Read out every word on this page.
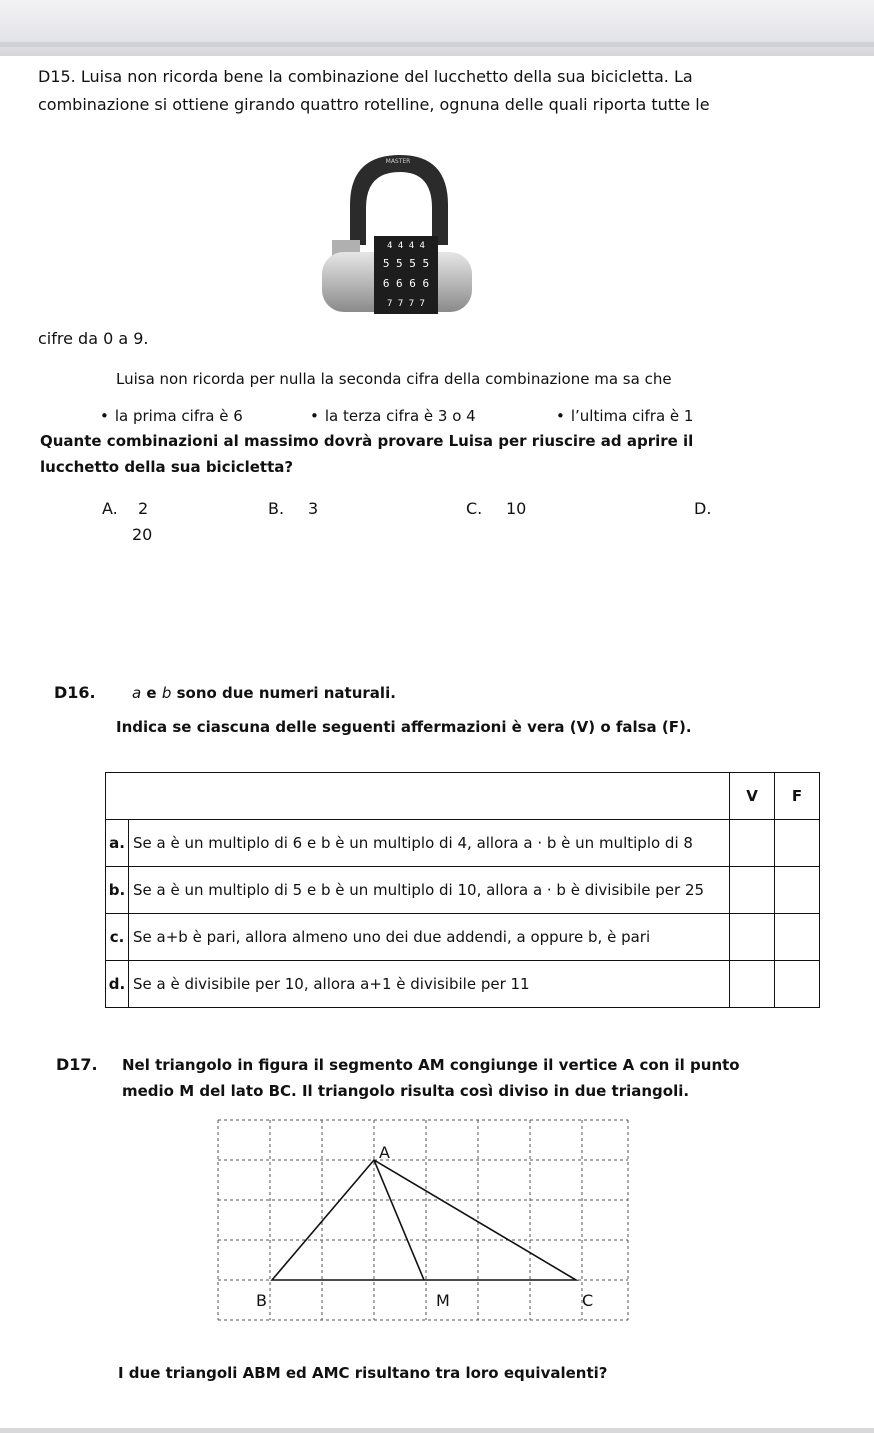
D15. Luisa non ricorda bene la combinazione del lucchetto della sua bicicletta. La
combinazione si ottiene girando quattro rotelline, ognuna delle quali riporta tutte le
MASTER
4 4 4 4
5 5 5 5
6 6 6 6
7 7 7 7
cifre da 0 a 9.
Luisa non ricorda per nulla la seconda cifra della combinazione ma sa che
• la prima cifra è 6	• la terza cifra è 3 o 4	• l’ultima cifra è 1
Quante combinazioni al massimo dovrà provare Luisa per riuscire ad aprire il
lucchetto della sua bicicletta?
A. 2	B. 3	C. 10	D.
20
D16. a e b sono due numeri naturali.
Indica se ciascuna delle seguenti affermazioni è vera (V) o falsa (F).
		V	F
a.	Se a è un multiplo di 6 e b è un multiplo di 4, allora a · b è un multiplo di 8		
b.	Se a è un multiplo di 5 e b è un multiplo di 10, allora a · b è divisibile per 25		
c.	Se a+b è pari, allora almeno uno dei due addendi, a oppure b, è pari		
d.	Se a è divisibile per 10, allora a+1 è divisibile per 11		
D17. Nel triangolo in figura il segmento AM congiunge il vertice A con il punto
medio M del lato BC. Il triangolo risulta così diviso in due triangoli.
A
B	M	C
I due triangoli ABM ed AMC risultano tra loro equivalenti?
